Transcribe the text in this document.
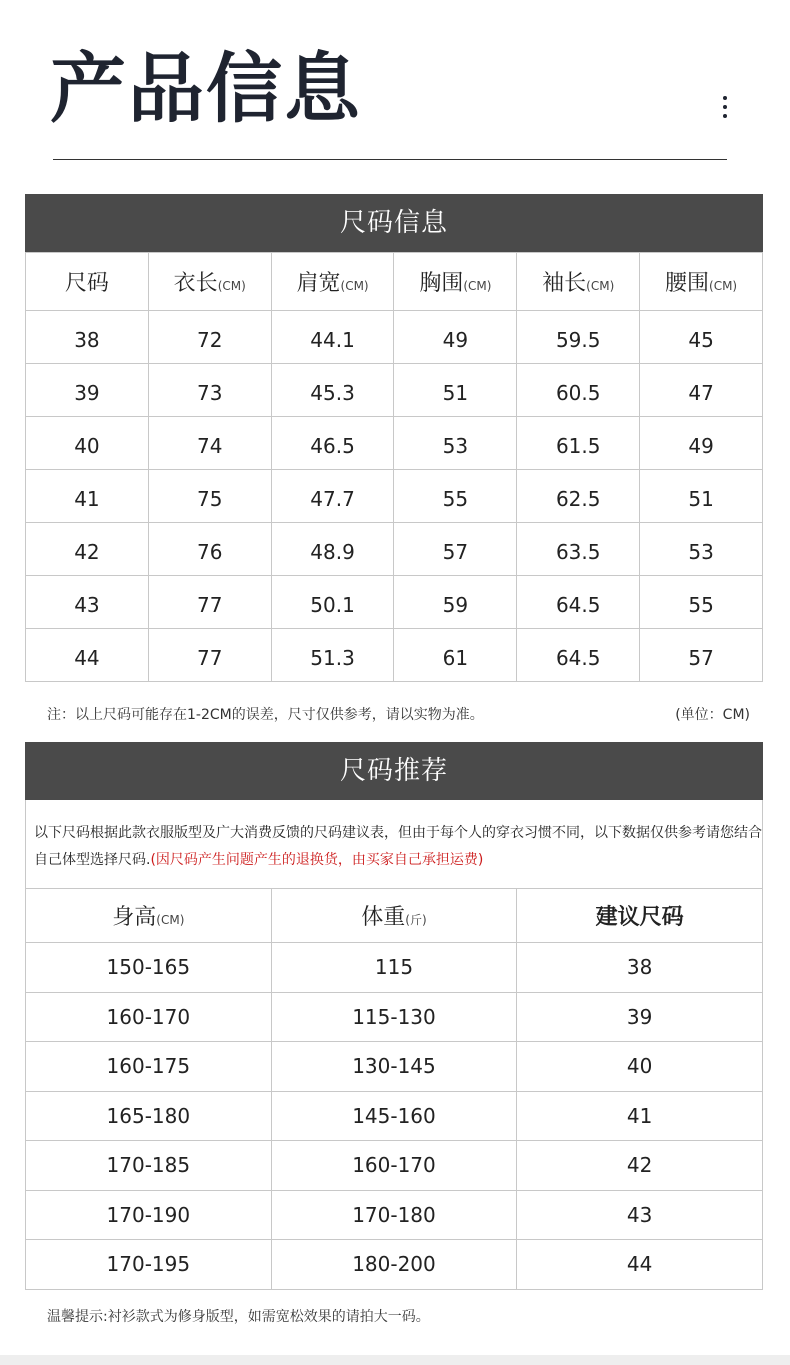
产品信息
尺码信息
尺码	衣长(CM)	肩宽(CM)	胸围(CM)	袖长(CM)	腰围(CM)
38	72	44.1	49	59.5	45
39	73	45.3	51	60.5	47
40	74	46.5	53	61.5	49
41	75	47.7	55	62.5	51
42	76	48.9	57	63.5	53
43	77	50.1	59	64.5	55
44	77	51.3	61	64.5	57
注：以上尺码可能存在1-2CM的误差，尺寸仅供参考，请以实物为准。	(单位：CM)
尺码推荐
以下尺码根据此款衣服版型及广大消费反馈的尺码建议表，但由于每个人的穿衣习惯不同，以下数据仅供参考请您结合自己体型选择尺码.(因尺码产生问题产生的退换货，由买家自己承担运费)
身高(CM)	体重(斤)	建议尺码
150-165	115	38
160-170	115-130	39
160-175	130-145	40
165-180	145-160	41
170-185	160-170	42
170-190	170-180	43
170-195	180-200	44
温馨提示:衬衫款式为修身版型，如需宽松效果的请拍大一码。
